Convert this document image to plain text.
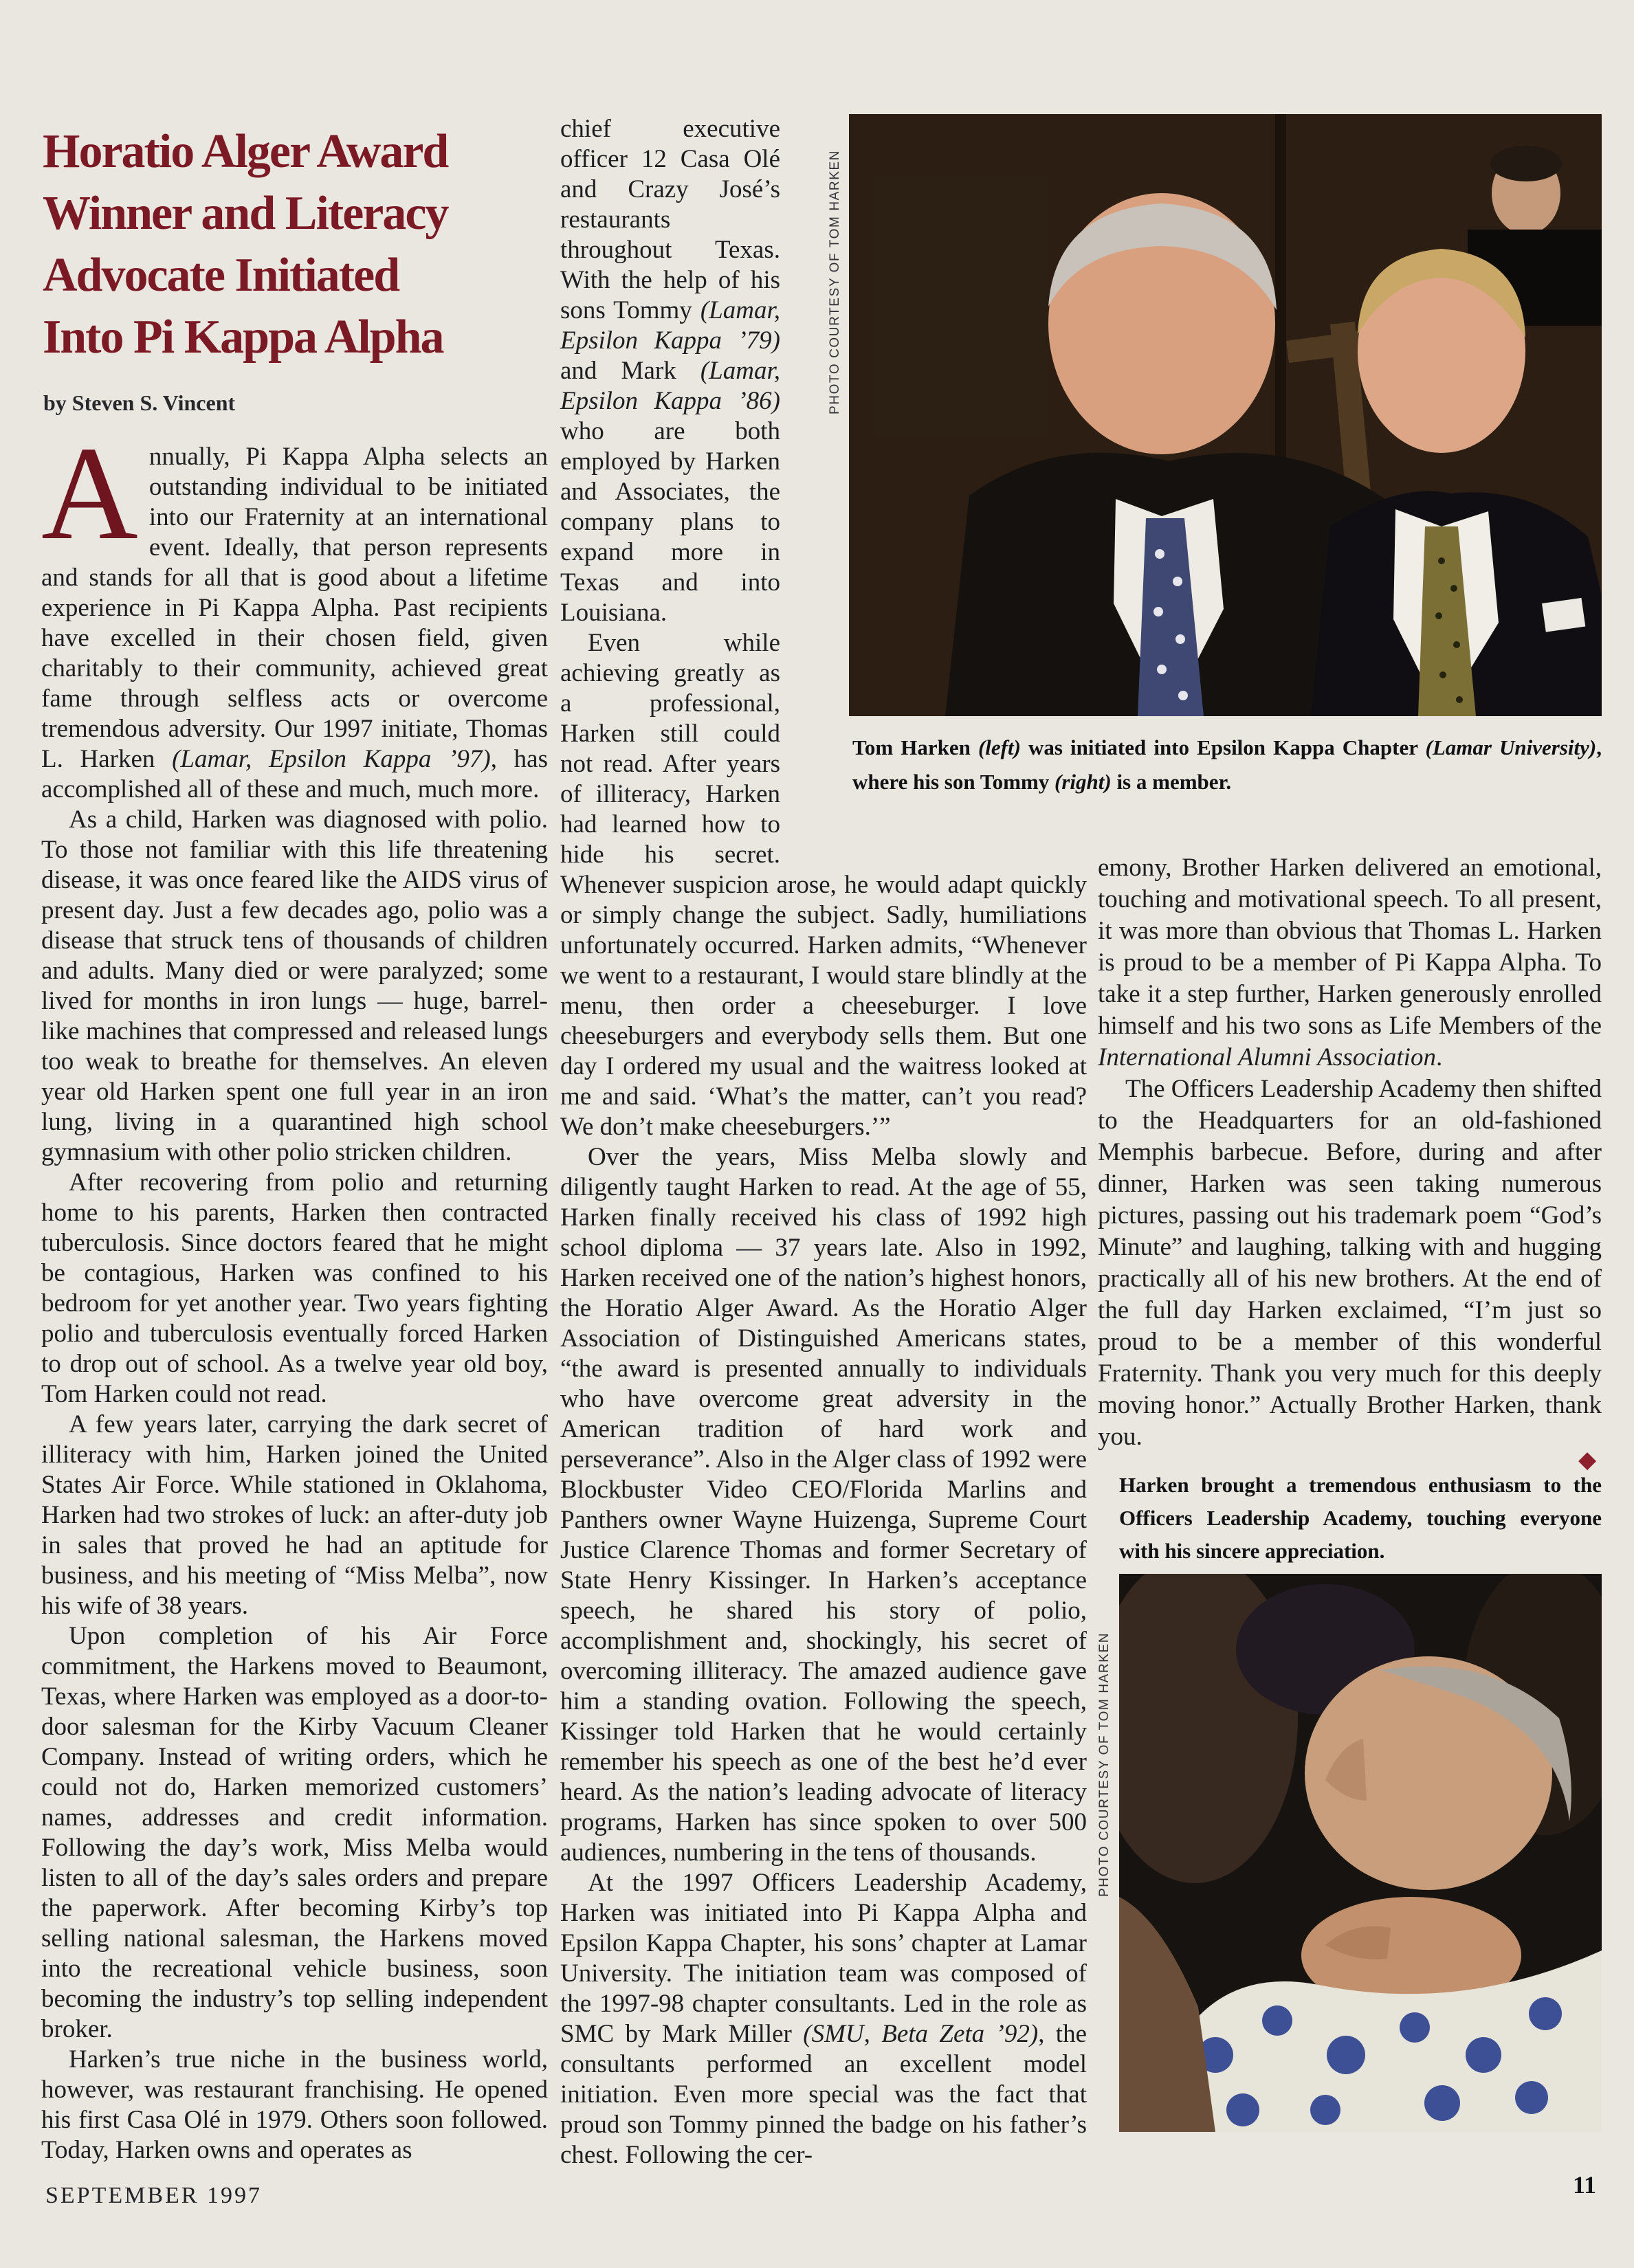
Horatio Alger Award
Winner and Literacy
Advocate Initiated
Into Pi Kappa Alpha
by Steven S. Vincent
A nnually, Pi Kappa Alpha selects an outstanding individual to be initiated into our Fraternity at an international event. Ideally, that person represents and stands for all that is good about a lifetime experience in Pi Kappa Alpha. Past recipients have excelled in their chosen field, given charitably to their community, achieved great fame through selfless acts or overcome tremendous adversity. Our 1997 initiate, Thomas L. Harken (Lamar, Epsilon Kappa ’97), has accomplished all of these and much, much more.

As a child, Harken was diagnosed with polio. To those not familiar with this life threatening disease, it was once feared like the AIDS virus of present day. Just a few decades ago, polio was a disease that struck tens of thousands of children and adults. Many died or were paralyzed; some lived for months in iron lungs — huge, barrel-like machines that compressed and released lungs too weak to breathe for themselves. An eleven year old Harken spent one full year in an iron lung, living in a quarantined high school gymnasium with other polio stricken children.

After recovering from polio and returning home to his parents, Harken then contracted tuberculosis. Since doctors feared that he might be contagious, Harken was confined to his bedroom for yet another year. Two years fighting polio and tuberculosis eventually forced Harken to drop out of school. As a twelve year old boy, Tom Harken could not read.

A few years later, carrying the dark secret of illiteracy with him, Harken joined the United States Air Force. While stationed in Oklahoma, Harken had two strokes of luck: an after-duty job in sales that proved he had an aptitude for business, and his meeting of “Miss Melba”, now his wife of 38 years.

Upon completion of his Air Force commitment, the Harkens moved to Beaumont, Texas, where Harken was employed as a door-to-door salesman for the Kirby Vacuum Cleaner Company. Instead of writing orders, which he could not do, Harken memorized customers’ names, addresses and credit information. Following the day’s work, Miss Melba would listen to all of the day’s sales orders and prepare the paperwork. After becoming Kirby’s top selling national salesman, the Harkens moved into the recreational vehicle business, soon becoming the industry’s top selling independent broker.

Harken’s true niche in the business world, however, was restaurant franchising. He opened his first Casa Olé in 1979. Others soon followed. Today, Harken owns and operates as

chief executive officer 12 Casa Olé and Crazy José’s restaurants throughout Texas. With the help of his sons Tommy (Lamar, Epsilon Kappa ’79) and Mark (Lamar, Epsilon Kappa ’86) who are both employed by Harken and Associates, the company plans to expand more in Texas and into Louisiana.

Even while achieving greatly as a professional, Harken still could not read. After years of illiteracy, Harken had learned how to hide his secret. Whenever suspicion arose, he would adapt quickly or simply change the subject. Sadly, humiliations unfortunately occurred. Harken admits, “Whenever we went to a restaurant, I would stare blindly at the menu, then order a cheeseburger. I love cheeseburgers and everybody sells them. But one day I ordered my usual and the waitress looked at me and said. ‘What’s the matter, can’t you read? We don’t make cheeseburgers.’”

Over the years, Miss Melba slowly and diligently taught Harken to read. At the age of 55, Harken finally received his class of 1992 high school diploma — 37 years late. Also in 1992, Harken received one of the nation’s highest honors, the Horatio Alger Award. As the Horatio Alger Association of Distinguished Americans states, “the award is presented annually to individuals who have overcome great adversity in the American tradition of hard work and perseverance”. Also in the Alger class of 1992 were Blockbuster Video CEO/Florida Marlins and Panthers owner Wayne Huizenga, Supreme Court Justice Clarence Thomas and former Secretary of State Henry Kissinger. In Harken’s acceptance speech, he shared his story of polio, accomplishment and, shockingly, his secret of overcoming illiteracy. The amazed audience gave him a standing ovation. Following the speech, Kissinger told Harken that he would certainly remember his speech as one of the best he’d ever heard. As the nation’s leading advocate of literacy programs, Harken has since spoken to over 500 audiences, numbering in the tens of thousands.

At the 1997 Officers Leadership Academy, Harken was initiated into Pi Kappa Alpha and Epsilon Kappa Chapter, his sons’ chapter at Lamar University. The initiation team was composed of the 1997-98 chapter consultants. Led in the role as SMC by Mark Miller (SMU, Beta Zeta ’92), the consultants performed an excellent model initiation. Even more special was the fact that proud son Tommy pinned the badge on his father’s chest. Following the cer-

emony, Brother Harken delivered an emotional, touching and motivational speech. To all present, it was more than obvious that Thomas L. Harken is proud to be a member of Pi Kappa Alpha. To take it a step further, Harken generously enrolled himself and his two sons as Life Members of the International Alumni Association.

The Officers Leadership Academy then shifted to the Headquarters for an old-fashioned Memphis barbecue. Before, during and after dinner, Harken was seen taking numerous pictures, passing out his trademark poem “God’s Minute” and laughing, talking with and hugging practically all of his new brothers. At the end of the full day Harken exclaimed, “I’m just so proud to be a member of this wonderful Fraternity. Thank you very much for this deeply moving honor.” Actually Brother Harken, thank you.

◆
PHOTO COURTESY OF TOM HARKEN
Tom Harken (left) was initiated into Epsilon Kappa Chapter (Lamar University), where his son Tommy (right) is a member.
Harken brought a tremendous enthusiasm to the Officers Leadership Academy, touching everyone with his sincere appreciation.
PHOTO COURTESY OF TOM HARKEN
SEPTEMBER 1997	11
